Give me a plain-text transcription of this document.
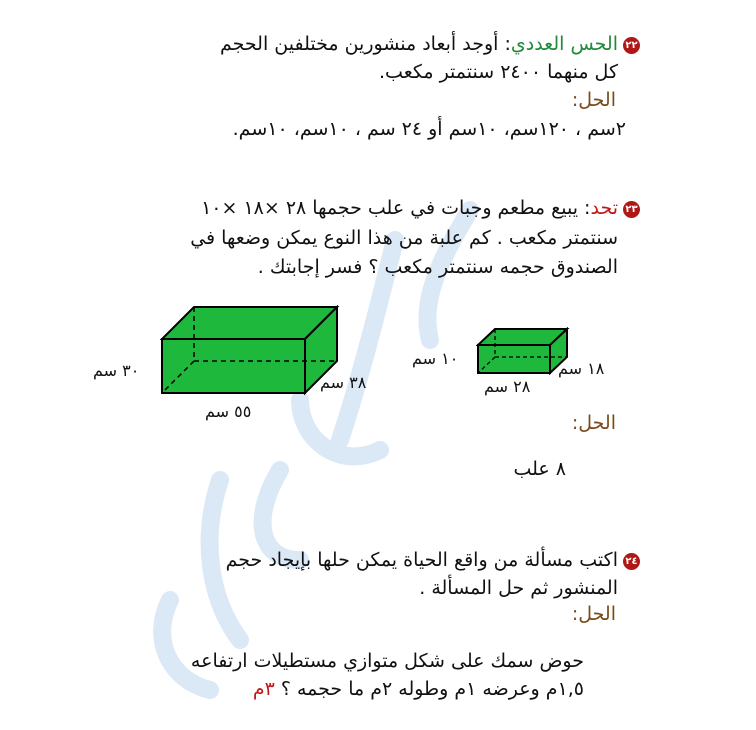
٢٢
الحس العددي: أوجد أبعاد منشورين مختلفين الحجم
كل منهما ٢٤٠٠ سنتمتر مكعب.
الحل:
٢سم ، ١٢٠سم، ١٠سم أو ٢٤ سم ، ١٠سم، ١٠سم.
٢٣
تحد: يبيع مطعم وجبات في علب حجمها ٢٨ ×١٨ ×١٠
سنتمتر مكعب . كم علبة من هذا النوع يمكن وضعها في
الصندوق حجمه سنتمتر مكعب ؟ فسر إجابتك .
٣٠ سم
٣٨ سم
٥٥ سم
١٠ سم
١٨ سم
٢٨ سم
الحل:
٨ علب
٢٤
اكتب مسألة من واقع الحياة يمكن حلها بإيجاد حجم
المنشور ثم حل المسألة .
الحل:
حوض سمك على شكل متوازي مستطيلات ارتفاعه
١,٥م وعرضه ١م وطوله ٢م ما حجمه ؟ ٣م
